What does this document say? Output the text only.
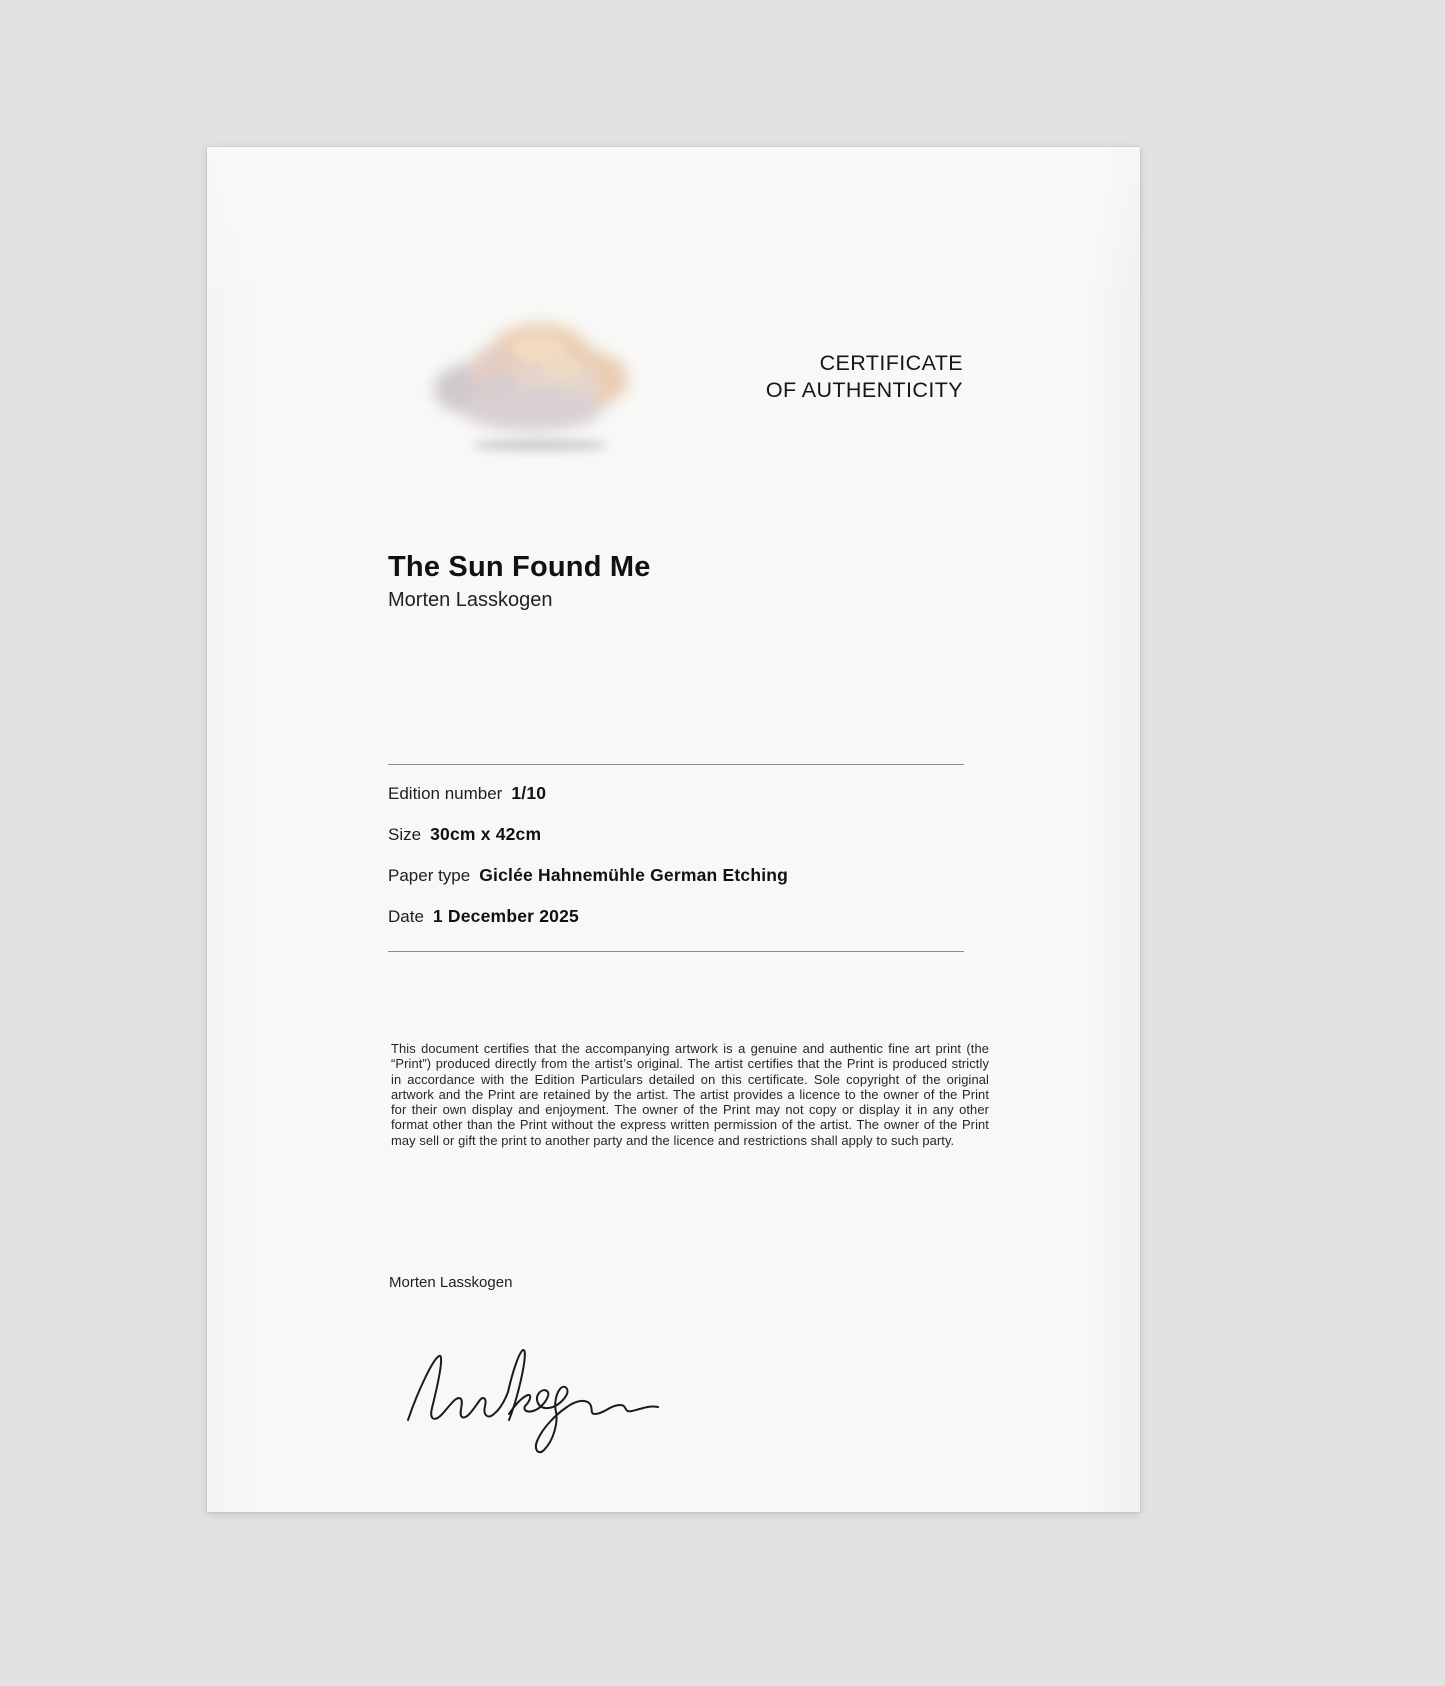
CERTIFICATE
OF AUTHENTICITY
The Sun Found Me
Morten Lasskogen
Edition number 1/10
Size 30cm x 42cm
Paper type Giclée Hahnemühle German Etching
Date 1 December 2025
This document certifies that the accompanying artwork is a genuine and authentic fine art print (the “Print”) produced directly from the artist’s original. The artist certifies that the Print is produced strictly in accordance with the Edition Particulars detailed on this certificate. Sole copyright of the original artwork and the Print are retained by the artist. The artist provides a licence to the owner of the Print for their own display and enjoyment. The owner of the Print may not copy or display it in any other format other than the Print without the express written permission of the artist. The owner of the Print may sell or gift the print to another party and the licence and restrictions shall apply to such party.
Morten Lasskogen
